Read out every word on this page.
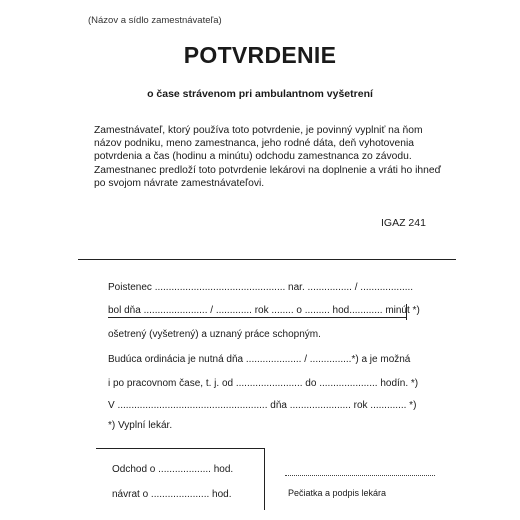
(Názov a sídlo zamestnávateľa)
POTVRDENIE
o čase strávenom pri ambulantnom vyšetrení

Zamestnávateľ, ktorý používa toto potvrdenie, je povinný vyplniť na ňom názov podniku, meno zamestnanca, jeho rodné dáta, deň vyhotovenia potvrdenia a čas (hodinu a minútu) odchodu zamestnanca zo závodu.

Zamestnanec predloží toto potvrdenie lekárovi na doplnenie a vráti ho ihneď po svojom návrate zamestnávateľovi.

IGAZ 241
Poistenec ............................................... nar. ................ / ...................
bol dňa ....................... / ............. rok ........ o ......... hod............ minút *)
ošetrený (vyšetrený) a uznaný práce schopným.
Budúca ordinácia je nutná dňa .................... / ...............*) a je možná
i po pracovnom čase, t. j. od ........................ do ..................... hodín. *)
V ...................................................... dňa ...................... rok ............. *)
*) Vyplní lekár.
Odchod o ................... hod.
návrat o ..................... hod.	Pečiatka a podpis lekára
